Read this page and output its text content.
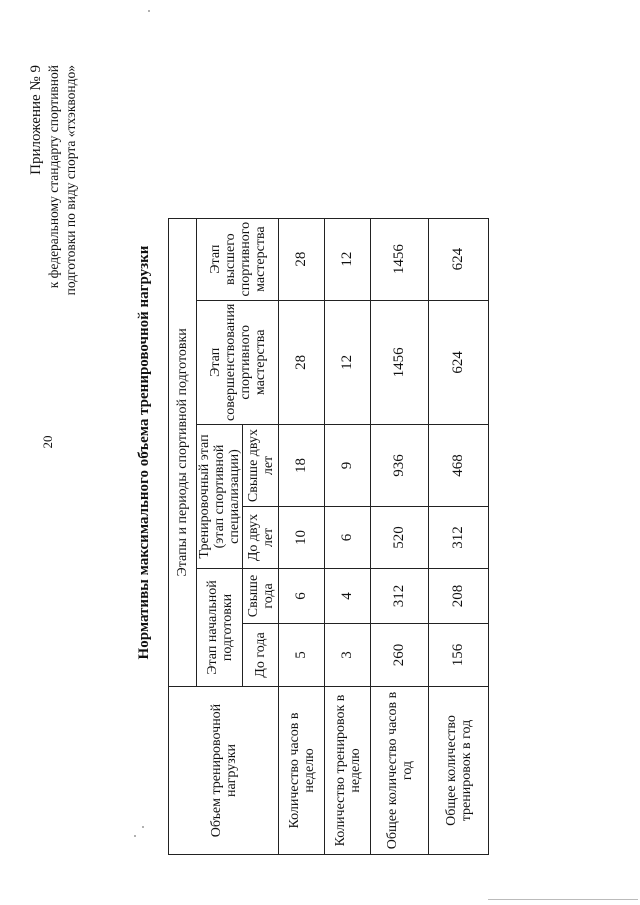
20
Приложение № 9 к федеральному стандарту спортивной подготовки по виду спорта «тхэквондо»
Нормативы максимального объема тренировочной нагрузки
Объем тренировочной нагрузки	Этапы и периоды спортивной подготовки					
	Этап начальной подготовки		Тренировочный этап (этап спортивной специализации)		Этап совершенствования спортивного мастерства	Этап высшего спортивного мастерства
	До года	Свыше года	До двух лет	Свыше двух лет		
Количество часов в неделю	5	6	10	18	28	28
Количество тренировок в неделю	3	4	6	9	12	12
Общее количество часов в год	260	312	520	936	1456	1456
Общее количество тренировок в год	156	208	312	468	624	624
